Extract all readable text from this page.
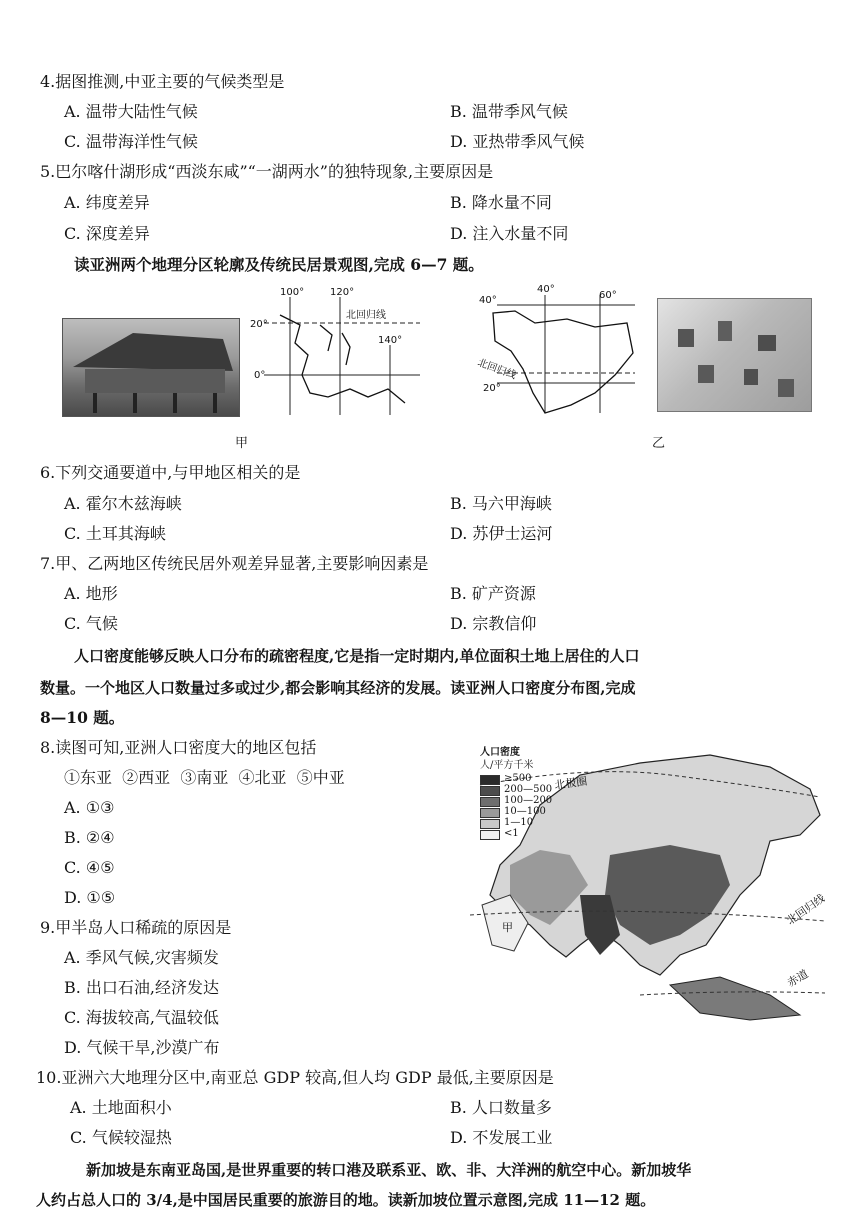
4.据图推测,中亚主要的气候类型是
A. 温带大陆性气候	B. 温带季风气候
C. 温带海洋性气候	D. 亚热带季风气候
5.巴尔喀什湖形成“西淡东咸”“一湖两水”的独特现象,主要原因是
A. 纬度差异	B. 降水量不同
C. 深度差异	D. 注入水量不同
读亚洲两个地理分区轮廓及传统民居景观图,完成 6—7 题。
100°	120°
140°
20°
0°
北回归线
甲
40°
60°
40°
20°
北回归线
乙
6.下列交通要道中,与甲地区相关的是
A. 霍尔木兹海峡	B. 马六甲海峡
C. 土耳其海峡	D. 苏伊士运河
7.甲、乙两地区传统民居外观差异显著,主要影响因素是
A. 地形	B. 矿产资源
C. 气候	D. 宗教信仰
人口密度能够反映人口分布的疏密程度,它是指一定时期内,单位面积土地上居住的人口
数量。一个地区人口数量过多或过少,都会影响其经济的发展。读亚洲人口密度分布图,完成
8—10 题。
8.读图可知,亚洲人口密度大的地区包括
①东亚  ②西亚  ③南亚  ④北亚  ⑤中亚
A. ①③
B. ②④
C. ④⑤
D. ①⑤
9.甲半岛人口稀疏的原因是
A. 季风气候,灾害频发
B. 出口石油,经济发达
C. 海拔较高,气温较低
D. 气候干旱,沙漠广布
北极圈
北回归线
赤道
甲
人口密度
人/平方千米
≥500
200—500
100—200
10—100
1—10
<1
10.亚洲六大地理分区中,南亚总 GDP 较高,但人均 GDP 最低,主要原因是
A. 土地面积小	B. 人口数量多
C. 气候较湿热	D. 不发展工业
新加坡是东南亚岛国,是世界重要的转口港及联系亚、欧、非、大洋洲的航空中心。新加坡华
人约占总人口的 3/4,是中国居民重要的旅游目的地。读新加坡位置示意图,完成 11—12 题。
